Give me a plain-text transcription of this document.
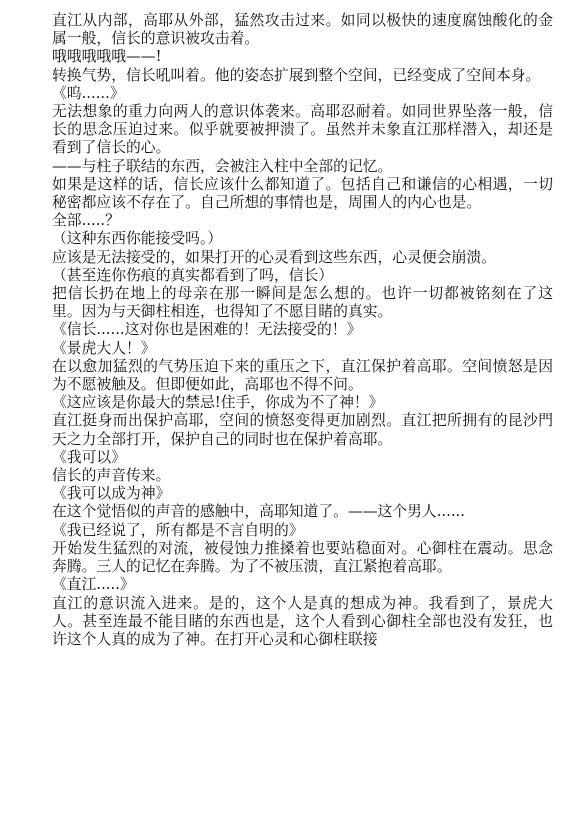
直江从内部，高耶从外部，猛然攻击过来。如同以极快的速度腐蚀酸化的金属一般，信长的意识被攻击着。

哦哦哦哦哦——!

转换气势，信长吼叫着。他的姿态扩展到整个空间，已经变成了空间本身。

《呜......》

无法想象的重力向两人的意识体袭来。高耶忍耐着。如同世界坠落一般，信长的思念压迫过来。似乎就要被押溃了。虽然并未象直江那样潜入，却还是看到了信长的心。

——与柱子联结的东西，会被注入柱中全部的记忆。

如果是这样的话，信长应该什么都知道了。包括自己和谦信的心相遇，一切秘密都应该不存在了。自己所想的事情也是，周围人的内心也是。

全部.....？

（这种东西你能接受吗。）

应该是无法接受的，如果打开的心灵看到这些东西，心灵便会崩溃。

（甚至连你伤痕的真实都看到了吗，信长）

把信长扔在地上的母亲在那一瞬间是怎么想的。也许一切都被铭刻在了这里。因为与天御柱相连，也得知了不愿目睹的真实。

《信长......这对你也是困难的！无法接受的！》

《景虎大人！》

在以愈加猛烈的气势压迫下来的重压之下，直江保护着高耶。空间愤怒是因为不愿被触及。但即便如此，高耶也不得不问。

《这应该是你最大的禁忌!住手，你成为不了神！》

直江挺身而出保护高耶，空间的愤怒变得更加剧烈。直江把所拥有的昆沙門天之力全部打开，保护自己的同时也在保护着高耶。

《我可以》

信长的声音传来。

《我可以成为神》

在这个觉悟似的声音的感触中，高耶知道了。——这个男人......

《我已经说了，所有都是不言自明的》

开始发生猛烈的对流，被侵蚀力推搡着也要站稳面对。心御柱在震动。思念奔腾。三人的记忆在奔腾。为了不被压溃，直江紧抱着高耶。

《直江.....》

直江的意识流入进来。是的，这个人是真的想成为神。我看到了，景虎大人。甚至连最不能目睹的东西也是，这个人看到心御柱全部也没有发狂，也许这个人真的成为了神。在打开心灵和心御柱联接
